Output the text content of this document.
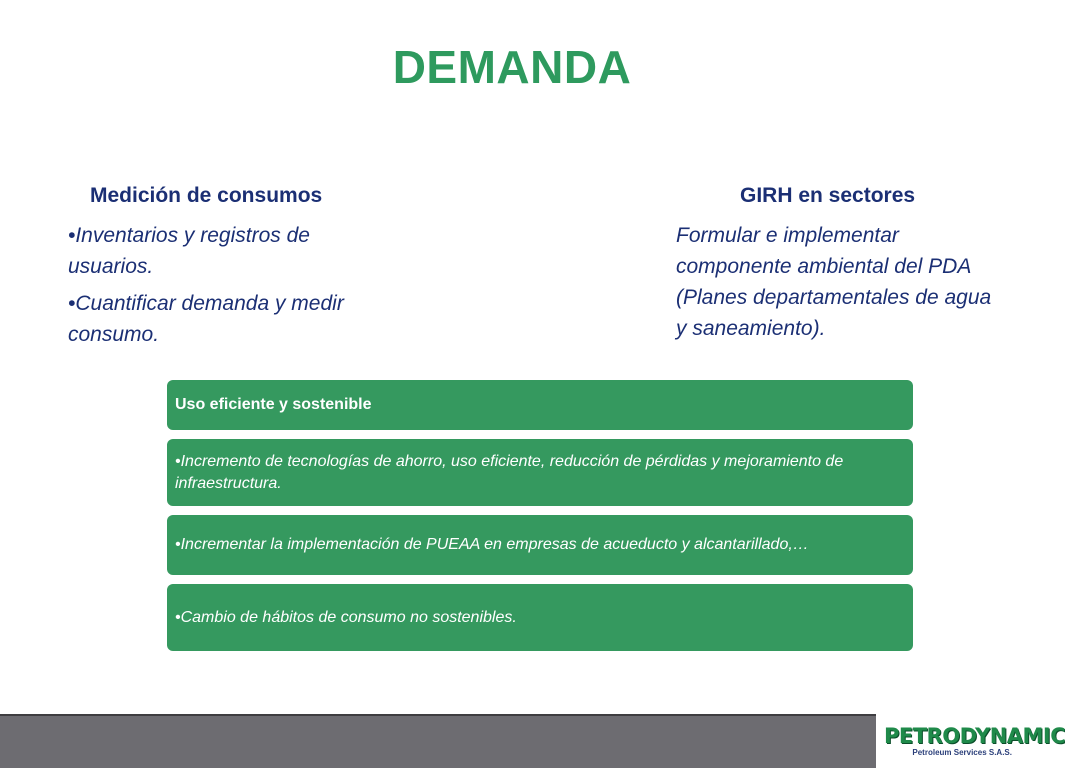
DEMANDA
Medición de consumos

•Inventarios y registros de usuarios.

•Cuantificar demanda y medir consumo.

GIRH en sectores
Formular e implementar componente ambiental del PDA (Planes departamentales de agua y saneamiento).
Uso eficiente y sostenible
•Incremento de tecnologías de ahorro, uso eficiente, reducción de pérdidas y mejoramiento de infraestructura.
•Incrementar la implementación de PUEAA en empresas de acueducto y alcantarillado,…
•Cambio de hábitos de consumo no sostenibles.
PETRODYNAMIC
Petroleum Services S.A.S.
